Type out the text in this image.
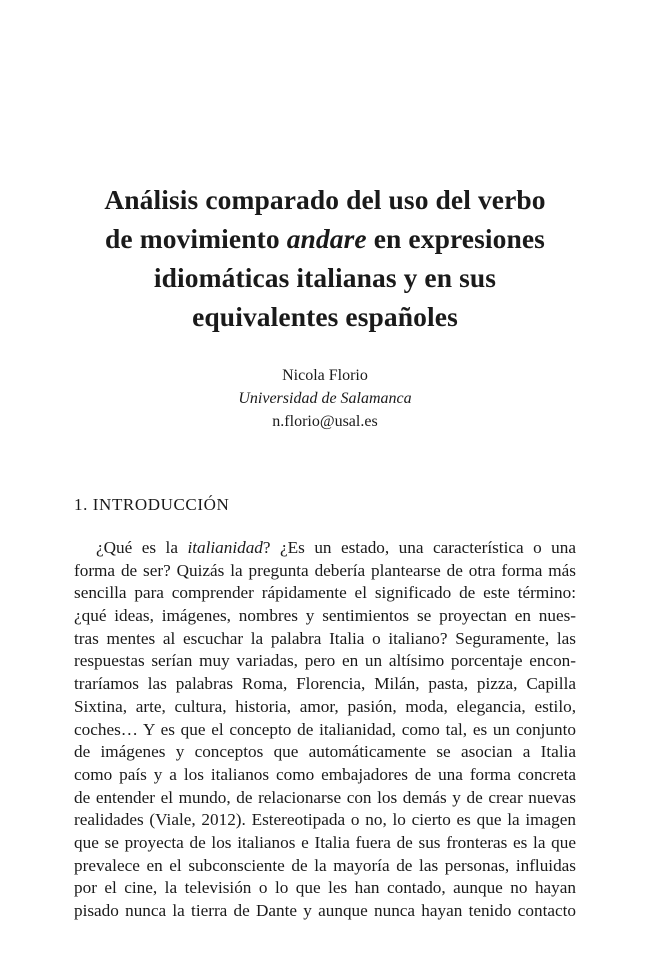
Análisis comparado del uso del verbo
de movimiento andare en expresiones
idiomáticas italianas y en sus
equivalentes españoles
Nicola Florio
Universidad de Salamanca
n.florio@usal.es
1. INTRODUCCIÓN
¿Qué es la italianidad? ¿Es un estado, una característica o una
forma de ser? Quizás la pregunta debería plantearse de otra forma más
sencilla para comprender rápidamente el significado de este término:
¿qué ideas, imágenes, nombres y sentimientos se proyectan en nues-
tras mentes al escuchar la palabra Italia o italiano? Seguramente, las
respuestas serían muy variadas, pero en un altísimo porcentaje encon-
traríamos las palabras Roma, Florencia, Milán, pasta, pizza, Capilla
Sixtina, arte, cultura, historia, amor, pasión, moda, elegancia, estilo,
coches… Y es que el concepto de italianidad, como tal, es un conjunto
de imágenes y conceptos que automáticamente se asocian a Italia
como país y a los italianos como embajadores de una forma concreta
de entender el mundo, de relacionarse con los demás y de crear nuevas
realidades (Viale, 2012). Estereotipada o no, lo cierto es que la imagen
que se proyecta de los italianos e Italia fuera de sus fronteras es la que
prevalece en el subconsciente de la mayoría de las personas, influidas
por el cine, la televisión o lo que les han contado, aunque no hayan
pisado nunca la tierra de Dante y aunque nunca hayan tenido contacto
